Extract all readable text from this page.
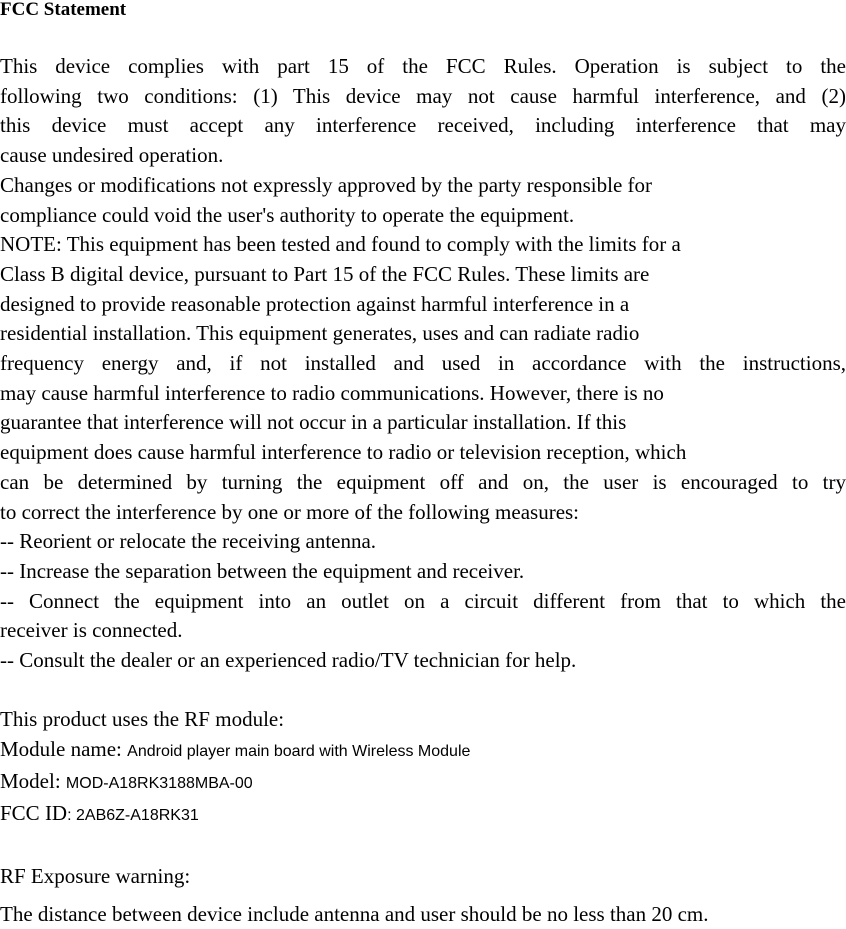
FCC Statement

This device complies with part 15 of the FCC Rules. Operation is subject to the

following two conditions: (1) This device may not cause harmful interference, and (2)

this device must accept any interference received, including interference that may

cause undesired operation.

Changes or modifications not expressly approved by the party responsible for

compliance could void the user's authority to operate the equipment.

NOTE: This equipment has been tested and found to comply with the limits for a

Class B digital device, pursuant to Part 15 of the FCC Rules. These limits are

designed to provide reasonable protection against harmful interference in a

residential installation. This equipment generates, uses and can radiate radio

frequency energy and, if not installed and used in accordance with the instructions,

may cause harmful interference to radio communications. However, there is no

guarantee that interference will not occur in a particular installation. If this

equipment does cause harmful interference to radio or television reception, which

can be determined by turning the equipment off and on, the user is encouraged to try

to correct the interference by one or more of the following measures:

-- Reorient or relocate the receiving antenna.

-- Increase the separation between the equipment and receiver.

-- Connect the equipment into an outlet on a circuit different from that to which the

receiver is connected.

-- Consult the dealer or an experienced radio/TV technician for help.

This product uses the RF module:

Module name: Android player main board with Wireless Module

Model: MOD-A18RK3188MBA-00

FCC ID: 2AB6Z-A18RK31

RF Exposure warning:
The distance between device include antenna and user should be no less than 20 cm.
